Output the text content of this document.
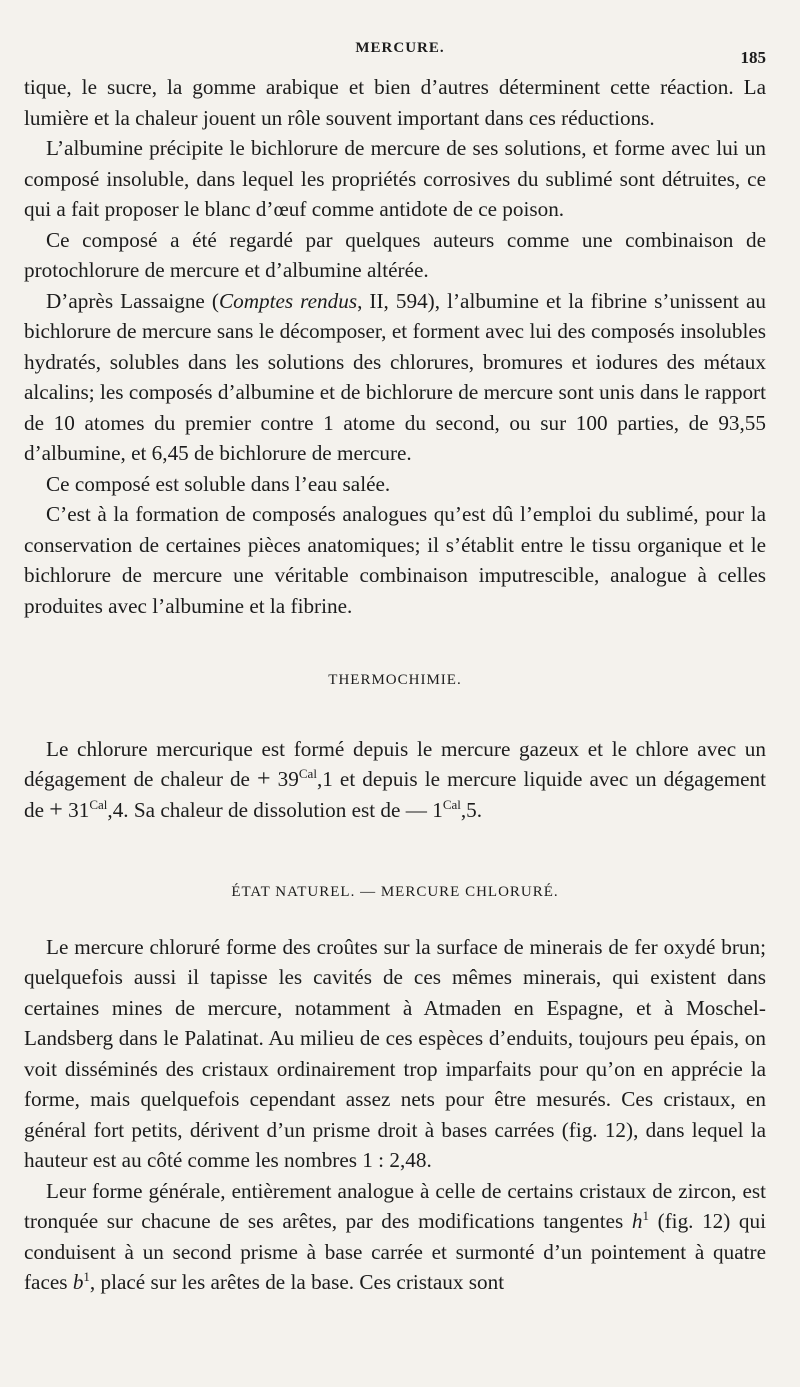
MERCURE.	185

tique, le sucre, la gomme arabique et bien d’autres déterminent cette réaction. La lumière et la chaleur jouent un rôle souvent important dans ces réductions.

L’albumine précipite le bichlorure de mercure de ses solutions, et forme avec lui un composé insoluble, dans lequel les propriétés corrosives du sublimé sont détruites, ce qui a fait proposer le blanc d’œuf comme antidote de ce poison.

Ce composé a été regardé par quelques auteurs comme une combinaison de protochlorure de mercure et d’albumine altérée.

D’après Lassaigne (Comptes rendus, II, 594), l’albumine et la fibrine s’unissent au bichlorure de mercure sans le décomposer, et forment avec lui des composés insolubles hydratés, solubles dans les solutions des chlorures, bromures et iodures des métaux alcalins; les composés d’albumine et de bichlorure de mercure sont unis dans le rapport de 10 atomes du premier contre 1 atome du second, ou sur 100 parties, de 93,55 d’albumine, et 6,45 de bichlorure de mercure.

Ce composé est soluble dans l’eau salée.

C’est à la formation de composés analogues qu’est dû l’emploi du sublimé, pour la conservation de certaines pièces anatomiques; il s’établit entre le tissu organique et le bichlorure de mercure une véritable combinaison imputrescible, analogue à celles produites avec l’albumine et la fibrine.

THERMOCHIMIE.

Le chlorure mercurique est formé depuis le mercure gazeux et le chlore avec un dégagement de chaleur de + $39^{Cal},1$ et depuis le mercure liquide avec un dégagement de + $31^{Cal},4$. Sa chaleur de dissolution est de — $1^{Cal},5$.

ÉTAT NATUREL. — MERCURE CHLORURÉ.

Le mercure chloruré forme des croûtes sur la surface de minerais de fer oxydé brun; quelquefois aussi il tapisse les cavités de ces mêmes minerais, qui existent dans certaines mines de mercure, notamment à Atmaden en Espagne, et à Moschel-Landsberg dans le Palatinat. Au milieu de ces espèces d’enduits, toujours peu épais, on voit disséminés des cristaux ordinairement trop imparfaits pour qu’on en apprécie la forme, mais quelquefois cependant assez nets pour être mesurés. Ces cristaux, en général fort petits, dérivent d’un prisme droit à bases carrées (fig. 12), dans lequel la hauteur est au côté comme les nombres 1 : 2,48.

Leur forme générale, entièrement analogue à celle de certains cristaux de zircon, est tronquée sur chacune de ses arêtes, par des modifications tangentes $h^1$ (fig. 12) qui conduisent à un second prisme à base carrée et surmonté d’un pointement à quatre faces $b^1$, placé sur les arêtes de la base. Ces cristaux sont
